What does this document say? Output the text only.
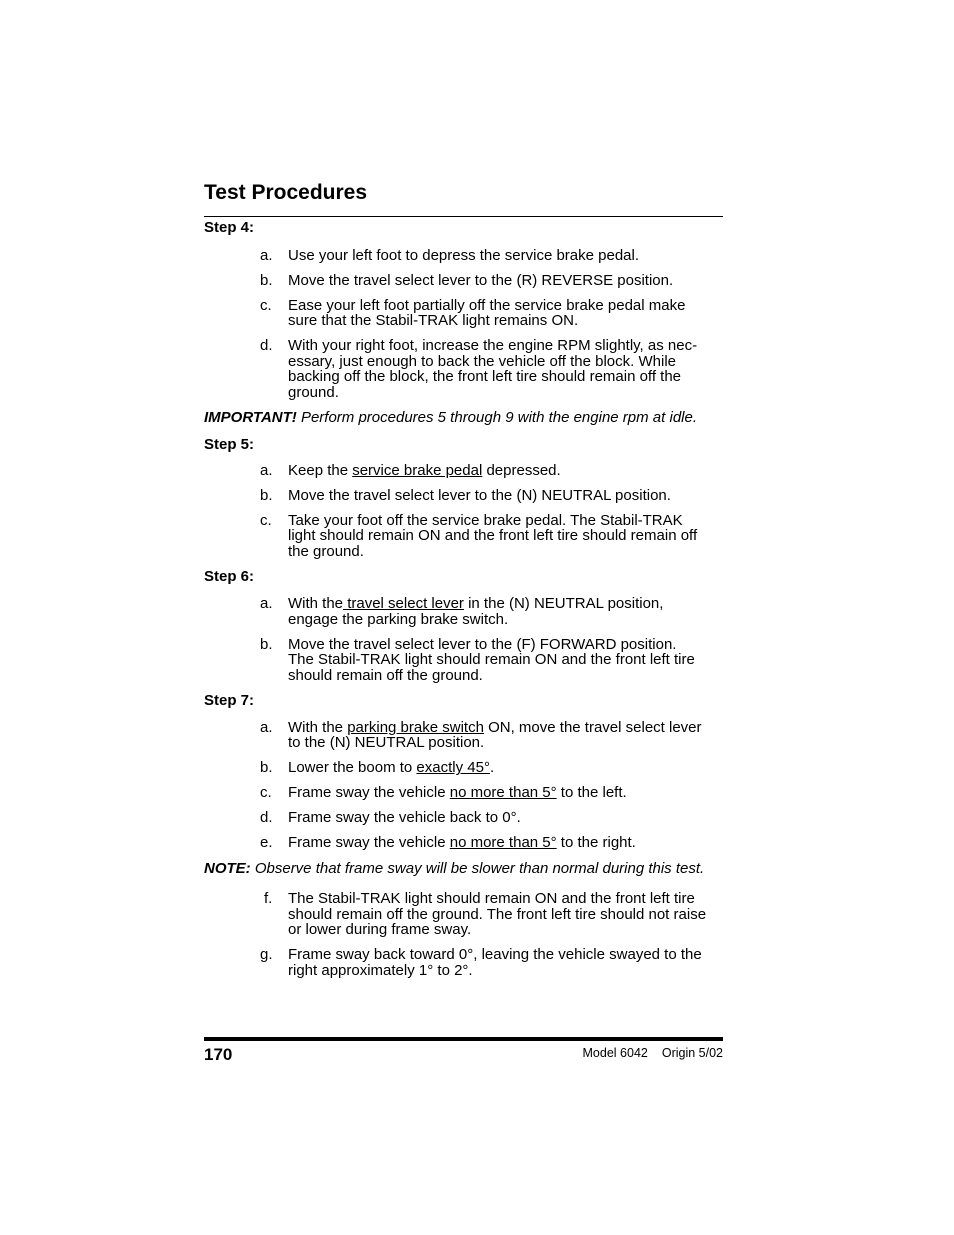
Test Procedures

Step 4:

a. Use your left foot to depress the service brake pedal.
b. Move the travel select lever to the (R) REVERSE position.
c. Ease your left foot partially off the service brake pedal make
sure that the Stabil-TRAK light remains ON.
d. With your right foot, increase the engine RPM slightly, as nec-
essary, just enough to back the vehicle off the block. While
backing off the block, the front left tire should remain off the
ground.

IMPORTANT! Perform procedures 5 through 9 with the engine rpm at idle.

Step 5:

a. Keep the service brake pedal depressed.
b. Move the travel select lever to the (N) NEUTRAL position.
c. Take your foot off the service brake pedal. The Stabil-TRAK
light should remain ON and the front left tire should remain off
the ground.

Step 6:

a. With the travel select lever in the (N) NEUTRAL position,
engage the parking brake switch.
b. Move the travel select lever to the (F) FORWARD position.
The Stabil-TRAK light should remain ON and the front left tire
should remain off the ground.

Step 7:

a. With the parking brake switch ON, move the travel select lever
to the (N) NEUTRAL position.
b. Lower the boom to exactly 45°.
c. Frame sway the vehicle no more than 5° to the left.
d. Frame sway the vehicle back to 0°.
e. Frame sway the vehicle no more than 5° to the right.

NOTE: Observe that frame sway will be slower than normal during this test.

f. The Stabil-TRAK light should remain ON and the front left tire
should remain off the ground. The front left tire should not raise
or lower during frame sway.
g. Frame sway back toward 0°, leaving the vehicle swayed to the
right approximately 1° to 2°.
170	Model 6042 Origin 5/02
